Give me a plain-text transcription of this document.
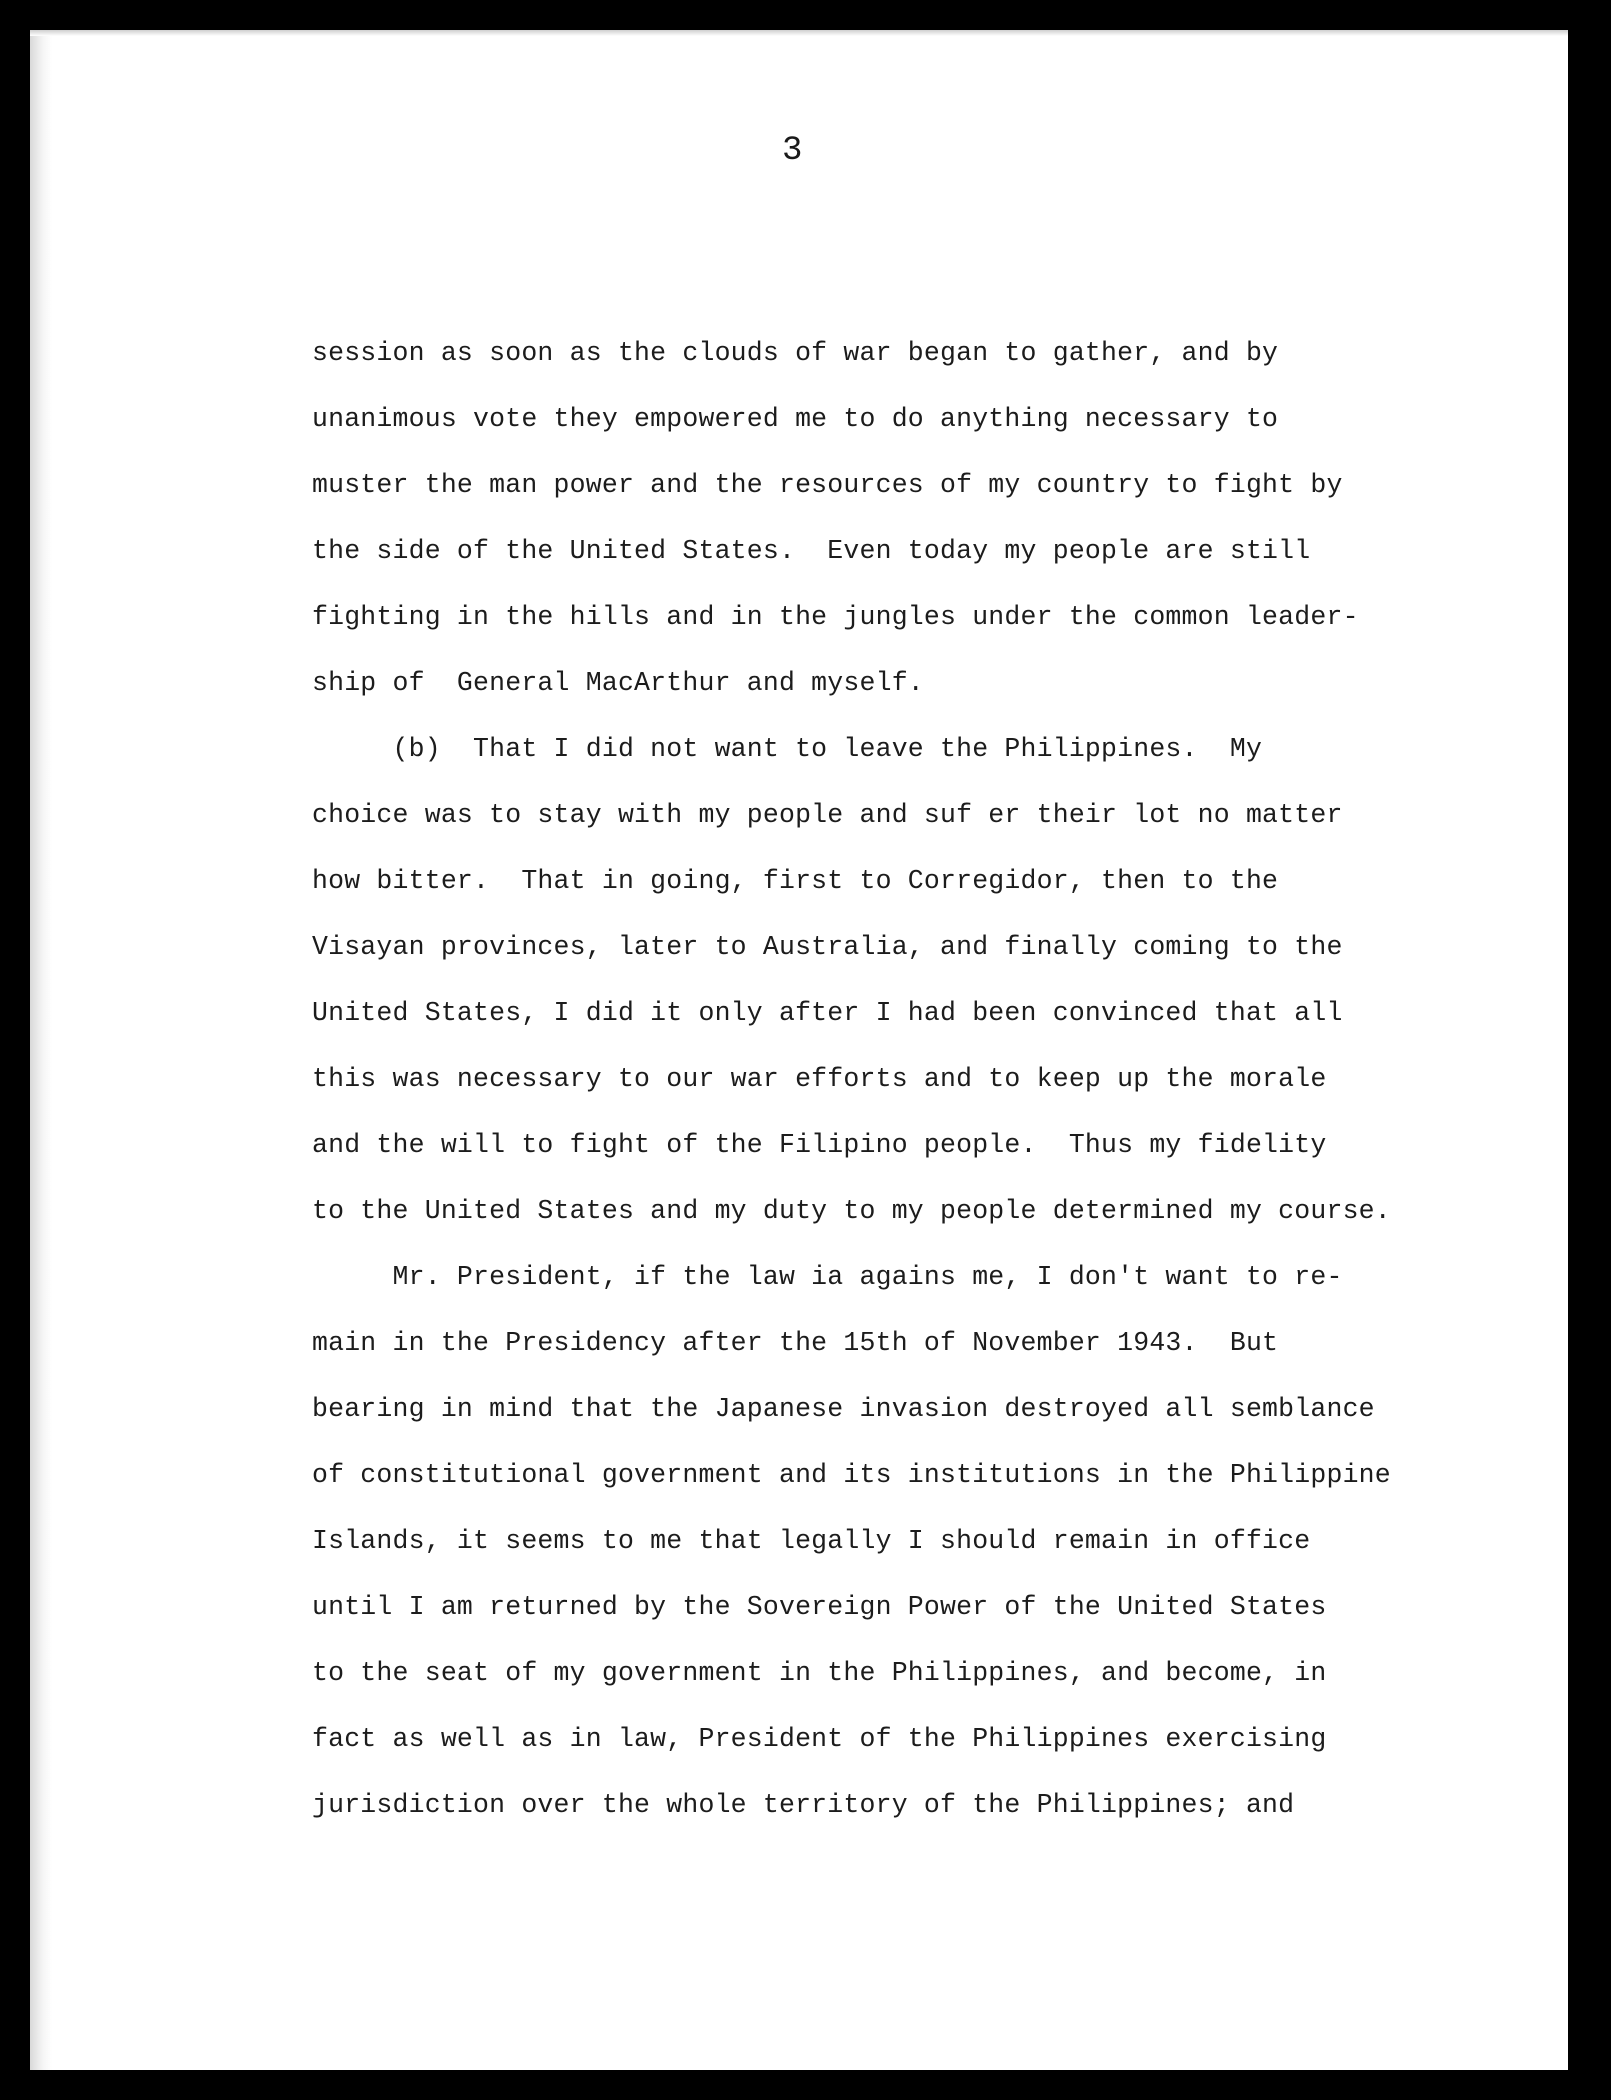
3

session as soon as the clouds of war began to gather, and by
unanimous vote they empowered me to do anything necessary to
muster the man power and the resources of my country to fight by
the side of the United States.  Even today my people are still
fighting in the hills and in the jungles under the common leader-
ship of  General MacArthur and myself.
(b)  That I did not want to leave the Philippines.  My
choice was to stay with my people and suf er their lot no matter
how bitter.  That in going, first to Corregidor, then to the
Visayan provinces, later to Australia, and finally coming to the
United States, I did it only after I had been convinced that all
this was necessary to our war efforts and to keep up the morale
and the will to fight of the Filipino people.  Thus my fidelity
to the United States and my duty to my people determined my course.
Mr. President, if the law ia agains me, I don't want to re-
main in the Presidency after the 15th of November 1943.  But
bearing in mind that the Japanese invasion destroyed all semblance
of constitutional government and its institutions in the Philippine
Islands, it seems to me that legally I should remain in office
until I am returned by the Sovereign Power of the United States
to the seat of my government in the Philippines, and become, in
fact as well as in law, President of the Philippines exercising
jurisdiction over the whole territory of the Philippines; and
